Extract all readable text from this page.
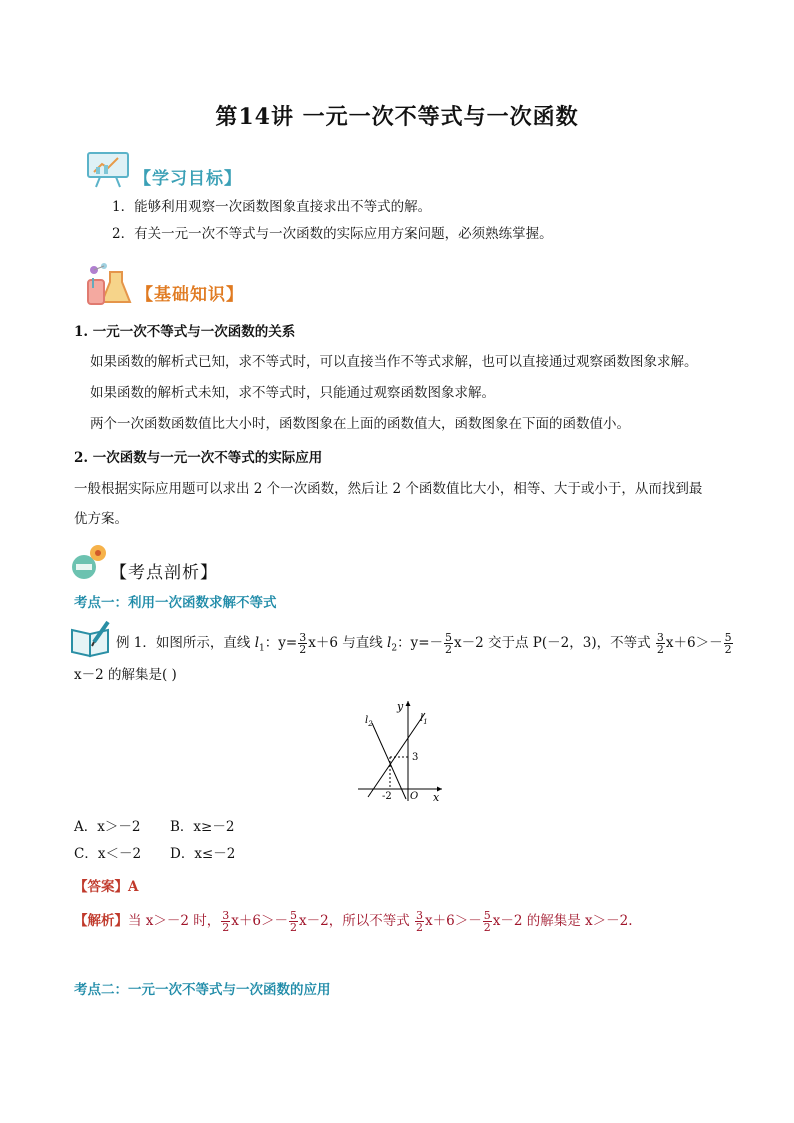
第14讲 一元一次不等式与一次函数
【学习目标】
1．能够利用观察一次函数图象直接求出不等式的解。
2．有关一元一次不等式与一次函数的实际应用方案问题，必须熟练掌握。
【基础知识】
1. 一元一次不等式与一次函数的关系
如果函数的解析式已知，求不等式时，可以直接当作不等式求解，也可以直接通过观察函数图象求解。
如果函数的解析式未知，求不等式时，只能通过观察函数图象求解。
两个一次函数函数值比大小时，函数图象在上面的函数值大，函数图象在下面的函数值小。
2. 一次函数与一元一次不等式的实际应用
一般根据实际应用题可以求出 2 个一次函数，然后让 2 个函数值比大小，相等、大于或小于，从而找到最
优方案。
【考点剖析】
考点一：利用一次函数求解不等式
例 1．如图所示，直线 $l_1$：$y= \frac{3}{2} x+6$ 与直线 $l_2$：$y=- \frac{5}{2} x-2$ 交于点 P(－2，3)，不等式 $\frac{3}{2} x+6>- \frac{5}{2}$
x－2 的解集是( )
y
x
O
3
-2
$l_1$
$l_2$
A．x＞－2 B．x≥－2
C．x＜－2 D．x≤－2
【答案】A
【解析】当 x＞－2 时， $\frac{3}{2} x+6>- \frac{5}{2} x-2$，所以不等式 $\frac{3}{2} x+6>- \frac{5}{2} x-2$ 的解集是 x＞－2.
考点二：一元一次不等式与一次函数的应用
